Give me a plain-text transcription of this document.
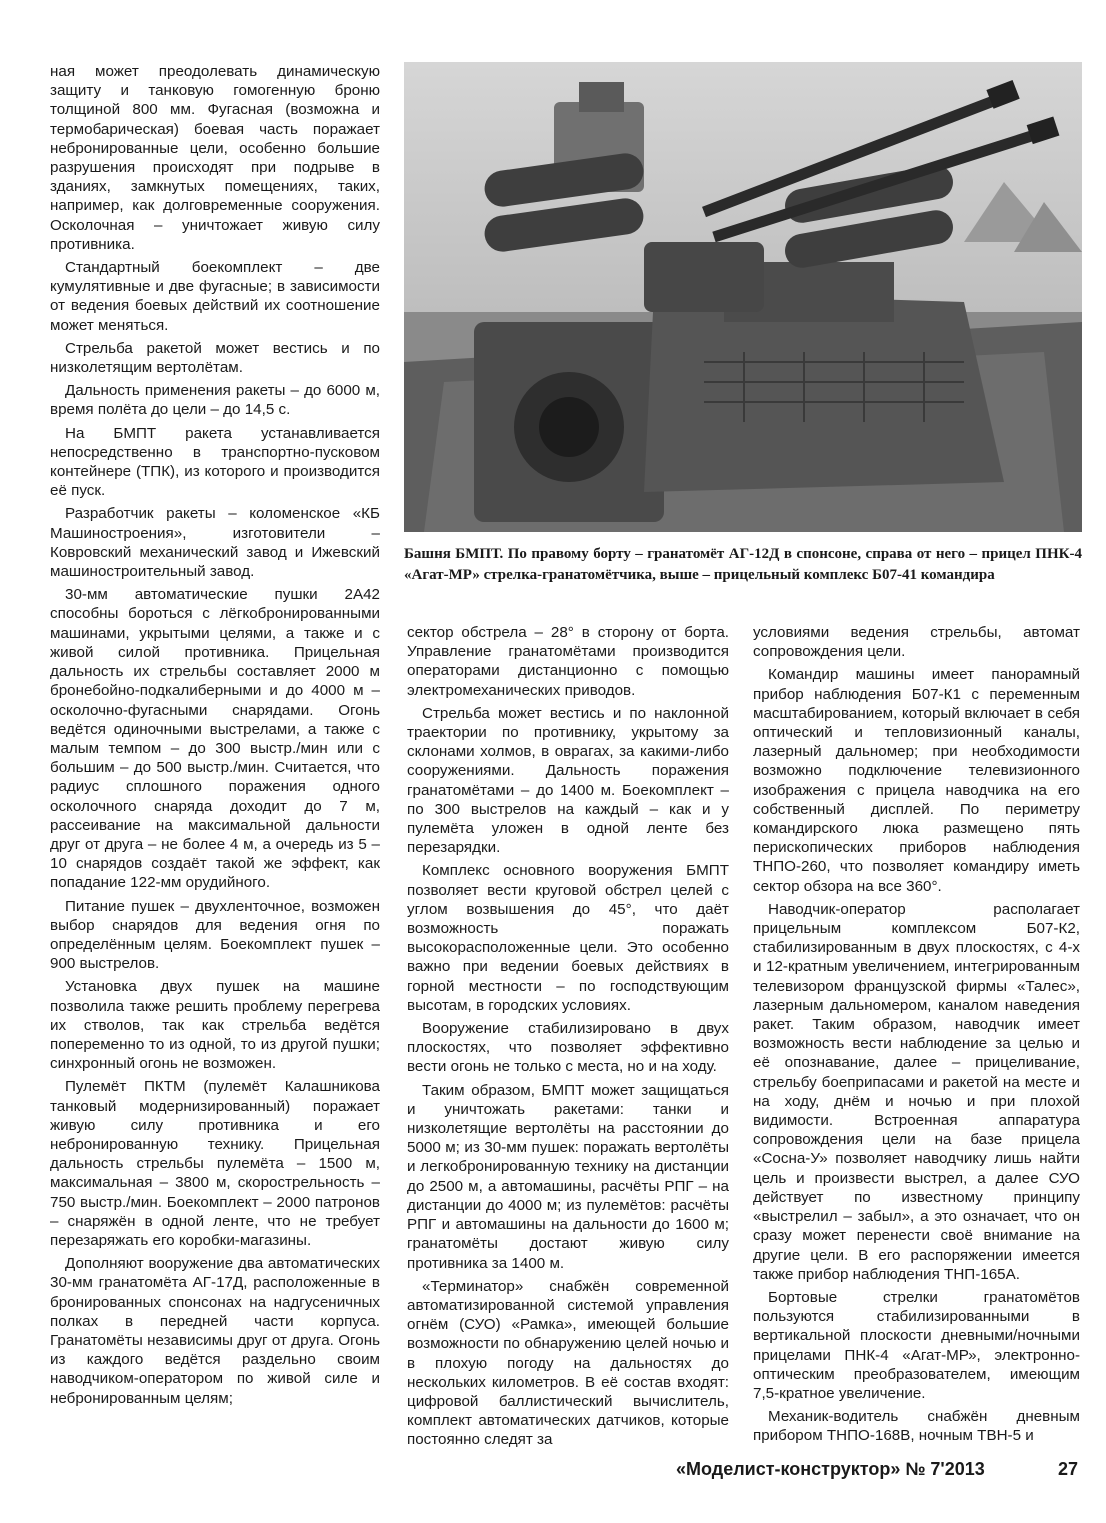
ная может преодолевать динамическую защиту и танковую гомогенную броню толщиной 800 мм. Фугасная (возможна и термобарическая) боевая часть поражает небронированные цели, особенно большие разрушения происходят при подрыве в зданиях, замкнутых помещениях, таких, например, как долговременные сооружения. Осколочная – уничтожает живую силу противника.

Стандартный боекомплект – две кумулятивные и две фугасные; в зависимости от ведения боевых действий их соотношение может меняться.

Стрельба ракетой может вестись и по низколетящим вертолётам.

Дальность применения ракеты – до 6000 м, время полёта до цели – до 14,5 с.

На БМПТ ракета устанавливается непосредственно в транспортно-пусковом контейнере (ТПК), из которого и производится её пуск.

Разработчик ракеты – коломенское «КБ Машиностроения», изготовители – Ковровский механический завод и Ижевский машиностроительный завод.

30-мм автоматические пушки 2А42 способны бороться с лёгкобронированными машинами, укрытыми целями, а также и с живой силой противника. Прицельная дальность их стрельбы составляет 2000 м бронебойно-подкалиберными и до 4000 м – осколочно-фугасными снарядами. Огонь ведётся одиночными выстрелами, а также с малым темпом – до 300 выстр./мин или с большим – до 500 выстр./мин. Считается, что радиус сплошного поражения одного осколочного снаряда доходит до 7 м, рассеивание на максимальной дальности друг от друга – не более 4 м, а очередь из 5 – 10 снарядов создаёт такой же эффект, как попадание 122-мм орудийного.

Питание пушек – двухленточное, возможен выбор снарядов для ведения огня по определённым целям. Боекомплект пушек – 900 выстрелов.

Установка двух пушек на машине позволила также решить проблему перегрева их стволов, так как стрельба ведётся попеременно то из одной, то из другой пушки; синхронный огонь не возможен.

Пулемёт ПКТМ (пулемёт Калашникова танковый модернизированный) поражает живую силу противника и его небронированную технику. Прицельная дальность стрельбы пулемёта – 1500 м, максимальная – 3800 м, скорострельность – 750 выстр./мин. Боекомплект – 2000 патронов – снаряжён в одной ленте, что не требует перезаряжать его коробки-магазины.

Дополняют вооружение два автоматических 30-мм гранатомёта АГ-17Д, расположенные в бронированных спонсонах на надгусеничных полках в передней части корпуса. Гранатомёты независимы друг от друга. Огонь из каждого ведётся раздельно своим наводчиком-оператором по живой силе и небронированным целям;

Башня БМПТ. По правому борту – гранатомёт АГ-12Д в спонсоне, справа от него – прицел ПНК-4 «Агат-МР» стрелка-гранатомётчика, выше – прицельный комплекс Б07-41 командира

сектор обстрела – 28° в сторону от борта. Управление гранатомётами производится операторами дистанционно с помощью электромеханических приводов.

Стрельба может вестись и по наклонной траектории по противнику, укрытому за склонами холмов, в оврагах, за какими-либо сооружениями. Дальность поражения гранатомётами – до 1400 м. Боекомплект – по 300 выстрелов на каждый – как и у пулемёта уложен в одной ленте без перезарядки.

Комплекс основного вооружения БМПТ позволяет вести круговой обстрел целей с углом возвышения до 45°, что даёт возможность поражать высокорасположенные цели. Это особенно важно при ведении боевых действиях в горной местности – по господствующим высотам, в городских условиях.

Вооружение стабилизировано в двух плоскостях, что позволяет эффективно вести огонь не только с места, но и на ходу.

Таким образом, БМПТ может защищаться и уничтожать ракетами: танки и низколетящие вертолёты на расстоянии до 5000 м; из 30-мм пушек: поражать вертолёты и легкобронированную технику на дистанции до 2500 м, а автомашины, расчёты РПГ – на дистанции до 4000 м; из пулемётов: расчёты РПГ и автомашины на дальности до 1600 м; гранатомёты достают живую силу противника за 1400 м.

«Терминатор» снабжён современной автоматизированной системой управления огнём (СУО) «Рамка», имеющей большие возможности по обнаружению целей ночью и в плохую погоду на дальностях до нескольких километров. В её состав входят: цифровой баллистический вычислитель, комплект автоматических датчиков, которые постоянно следят за

условиями ведения стрельбы, автомат сопровождения цели.

Командир машины имеет панорамный прибор наблюдения Б07-К1 с переменным масштабированием, который включает в себя оптический и тепловизионный каналы, лазерный дальномер; при необходимости возможно подключение телевизионного изображения с прицела наводчика на его собственный дисплей. По периметру командирского люка размещено пять перископических приборов наблюдения ТНПО-260, что позволяет командиру иметь сектор обзора на все 360°.

Наводчик-оператор располагает прицельным комплексом Б07-К2, стабилизированным в двух плоскостях, с 4-х и 12-кратным увеличением, интегрированным телевизором французской фирмы «Талес», лазерным дальномером, каналом наведения ракет. Таким образом, наводчик имеет возможность вести наблюдение за целью и её опознавание, далее – прицеливание, стрельбу боеприпасами и ракетой на месте и на ходу, днём и ночью и при плохой видимости. Встроенная аппаратура сопровождения цели на базе прицела «Сосна-У» позволяет наводчику лишь найти цель и произвести выстрел, а далее СУО действует по известному принципу «выстрелил – забыл», а это означает, что он сразу может перенести своё внимание на другие цели. В его распоряжении имеется также прибор наблюдения ТНП-165А.

Бортовые стрелки гранатомётов пользуются стабилизированными в вертикальной плоскости дневными/ночными прицелами ПНК-4 «Агат-МР», электронно-оптическим преобразователем, имеющим 7,5-кратное увеличение.

Механик-водитель снабжён дневным прибором ТНПО-168В, ночным ТВН-5 и

«Моделист-конструктор» № 7'2013	27
